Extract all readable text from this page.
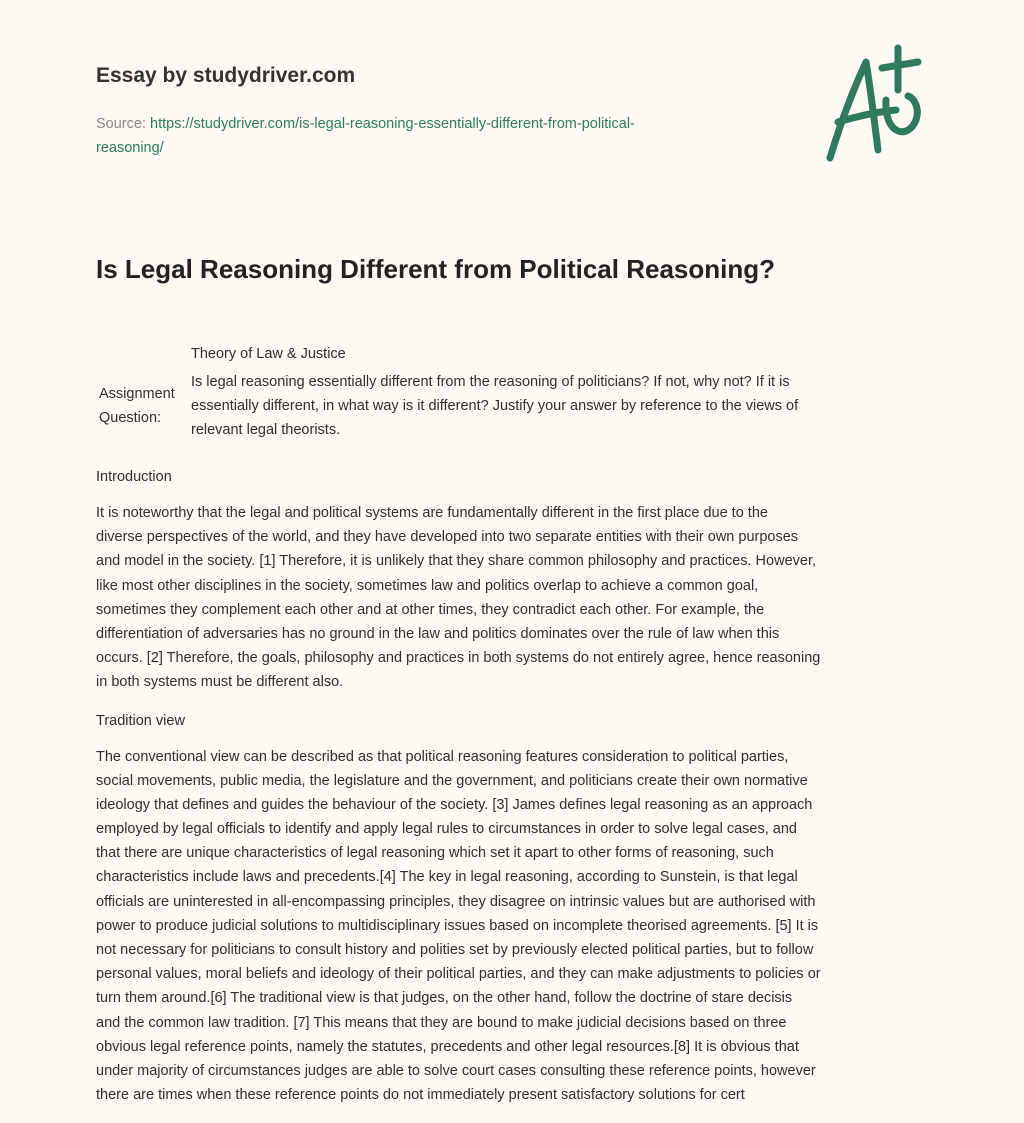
Essay by studydriver.com
Source: https://studydriver.com/is-legal-reasoning-essentially-different-from-political-
reasoning/
Is Legal Reasoning Different from Political Reasoning?
Theory of Law & Justice
Assignment
Question:
Is legal reasoning essentially different from the reasoning of politicians? If not, why not? If it is
essentially different, in what way is it different? Justify your answer by reference to the views of
relevant legal theorists.
Introduction
It is noteworthy that the legal and political systems are fundamentally different in the first place due to the
diverse perspectives of the world, and they have developed into two separate entities with their own purposes
and model in the society. [1] Therefore, it is unlikely that they share common philosophy and practices. However,
like most other disciplines in the society, sometimes law and politics overlap to achieve a common goal,
sometimes they complement each other and at other times, they contradict each other. For example, the
differentiation of adversaries has no ground in the law and politics dominates over the rule of law when this
occurs. [2] Therefore, the goals, philosophy and practices in both systems do not entirely agree, hence reasoning
in both systems must be different also.
Tradition view
The conventional view can be described as that political reasoning features consideration to political parties,
social movements, public media, the legislature and the government, and politicians create their own normative
ideology that defines and guides the behaviour of the society. [3] James defines legal reasoning as an approach
employed by legal officials to identify and apply legal rules to circumstances in order to solve legal cases, and
that there are unique characteristics of legal reasoning which set it apart to other forms of reasoning, such
characteristics include laws and precedents.[4] The key in legal reasoning, according to Sunstein, is that legal
officials are uninterested in all-encompassing principles, they disagree on intrinsic values but are authorised with
power to produce judicial solutions to multidisciplinary issues based on incomplete theorised agreements. [5] It is
not necessary for politicians to consult history and polities set by previously elected political parties, but to follow
personal values, moral beliefs and ideology of their political parties, and they can make adjustments to policies or
turn them around.[6] The traditional view is that judges, on the other hand, follow the doctrine of stare decisis
and the common law tradition. [7] This means that they are bound to make judicial decisions based on three
obvious legal reference points, namely the statutes, precedents and other legal resources.[8] It is obvious that
under majority of circumstances judges are able to solve court cases consulting these reference points, however
there are times when these reference points do not immediately present satisfactory solutions for cert
